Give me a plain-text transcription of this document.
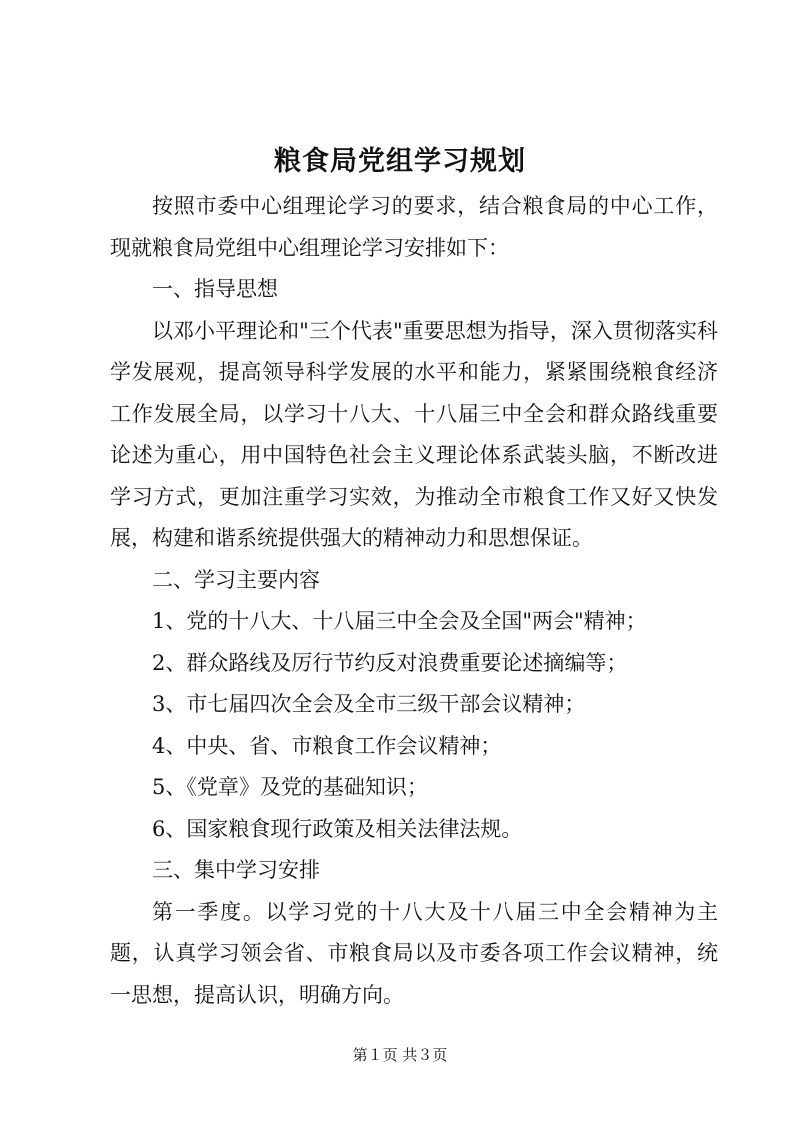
粮食局党组学习规划

按照市委中心组理论学习的要求，结合粮食局的中心工作，现就粮食局党组中心组理论学习安排如下：

一、指导思想

以邓小平理论和"三个代表"重要思想为指导，深入贯彻落实科学发展观，提高领导科学发展的水平和能力，紧紧围绕粮食经济工作发展全局，以学习十八大、十八届三中全会和群众路线重要论述为重心，用中国特色社会主义理论体系武装头脑，不断改进学习方式，更加注重学习实效，为推动全市粮食工作又好又快发展，构建和谐系统提供强大的精神动力和思想保证。

二、学习主要内容

1、党的十八大、十八届三中全会及全国"两会"精神；

2、群众路线及厉行节约反对浪费重要论述摘编等；

3、市七届四次全会及全市三级干部会议精神；

4、中央、省、市粮食工作会议精神；

5、《党章》及党的基础知识；

6、国家粮食现行政策及相关法律法规。

三、集中学习安排

第一季度。以学习党的十八大及十八届三中全会精神为主题，认真学习领会省、市粮食局以及市委各项工作会议精神，统一思想，提高认识，明确方向。

第１页 共３页
